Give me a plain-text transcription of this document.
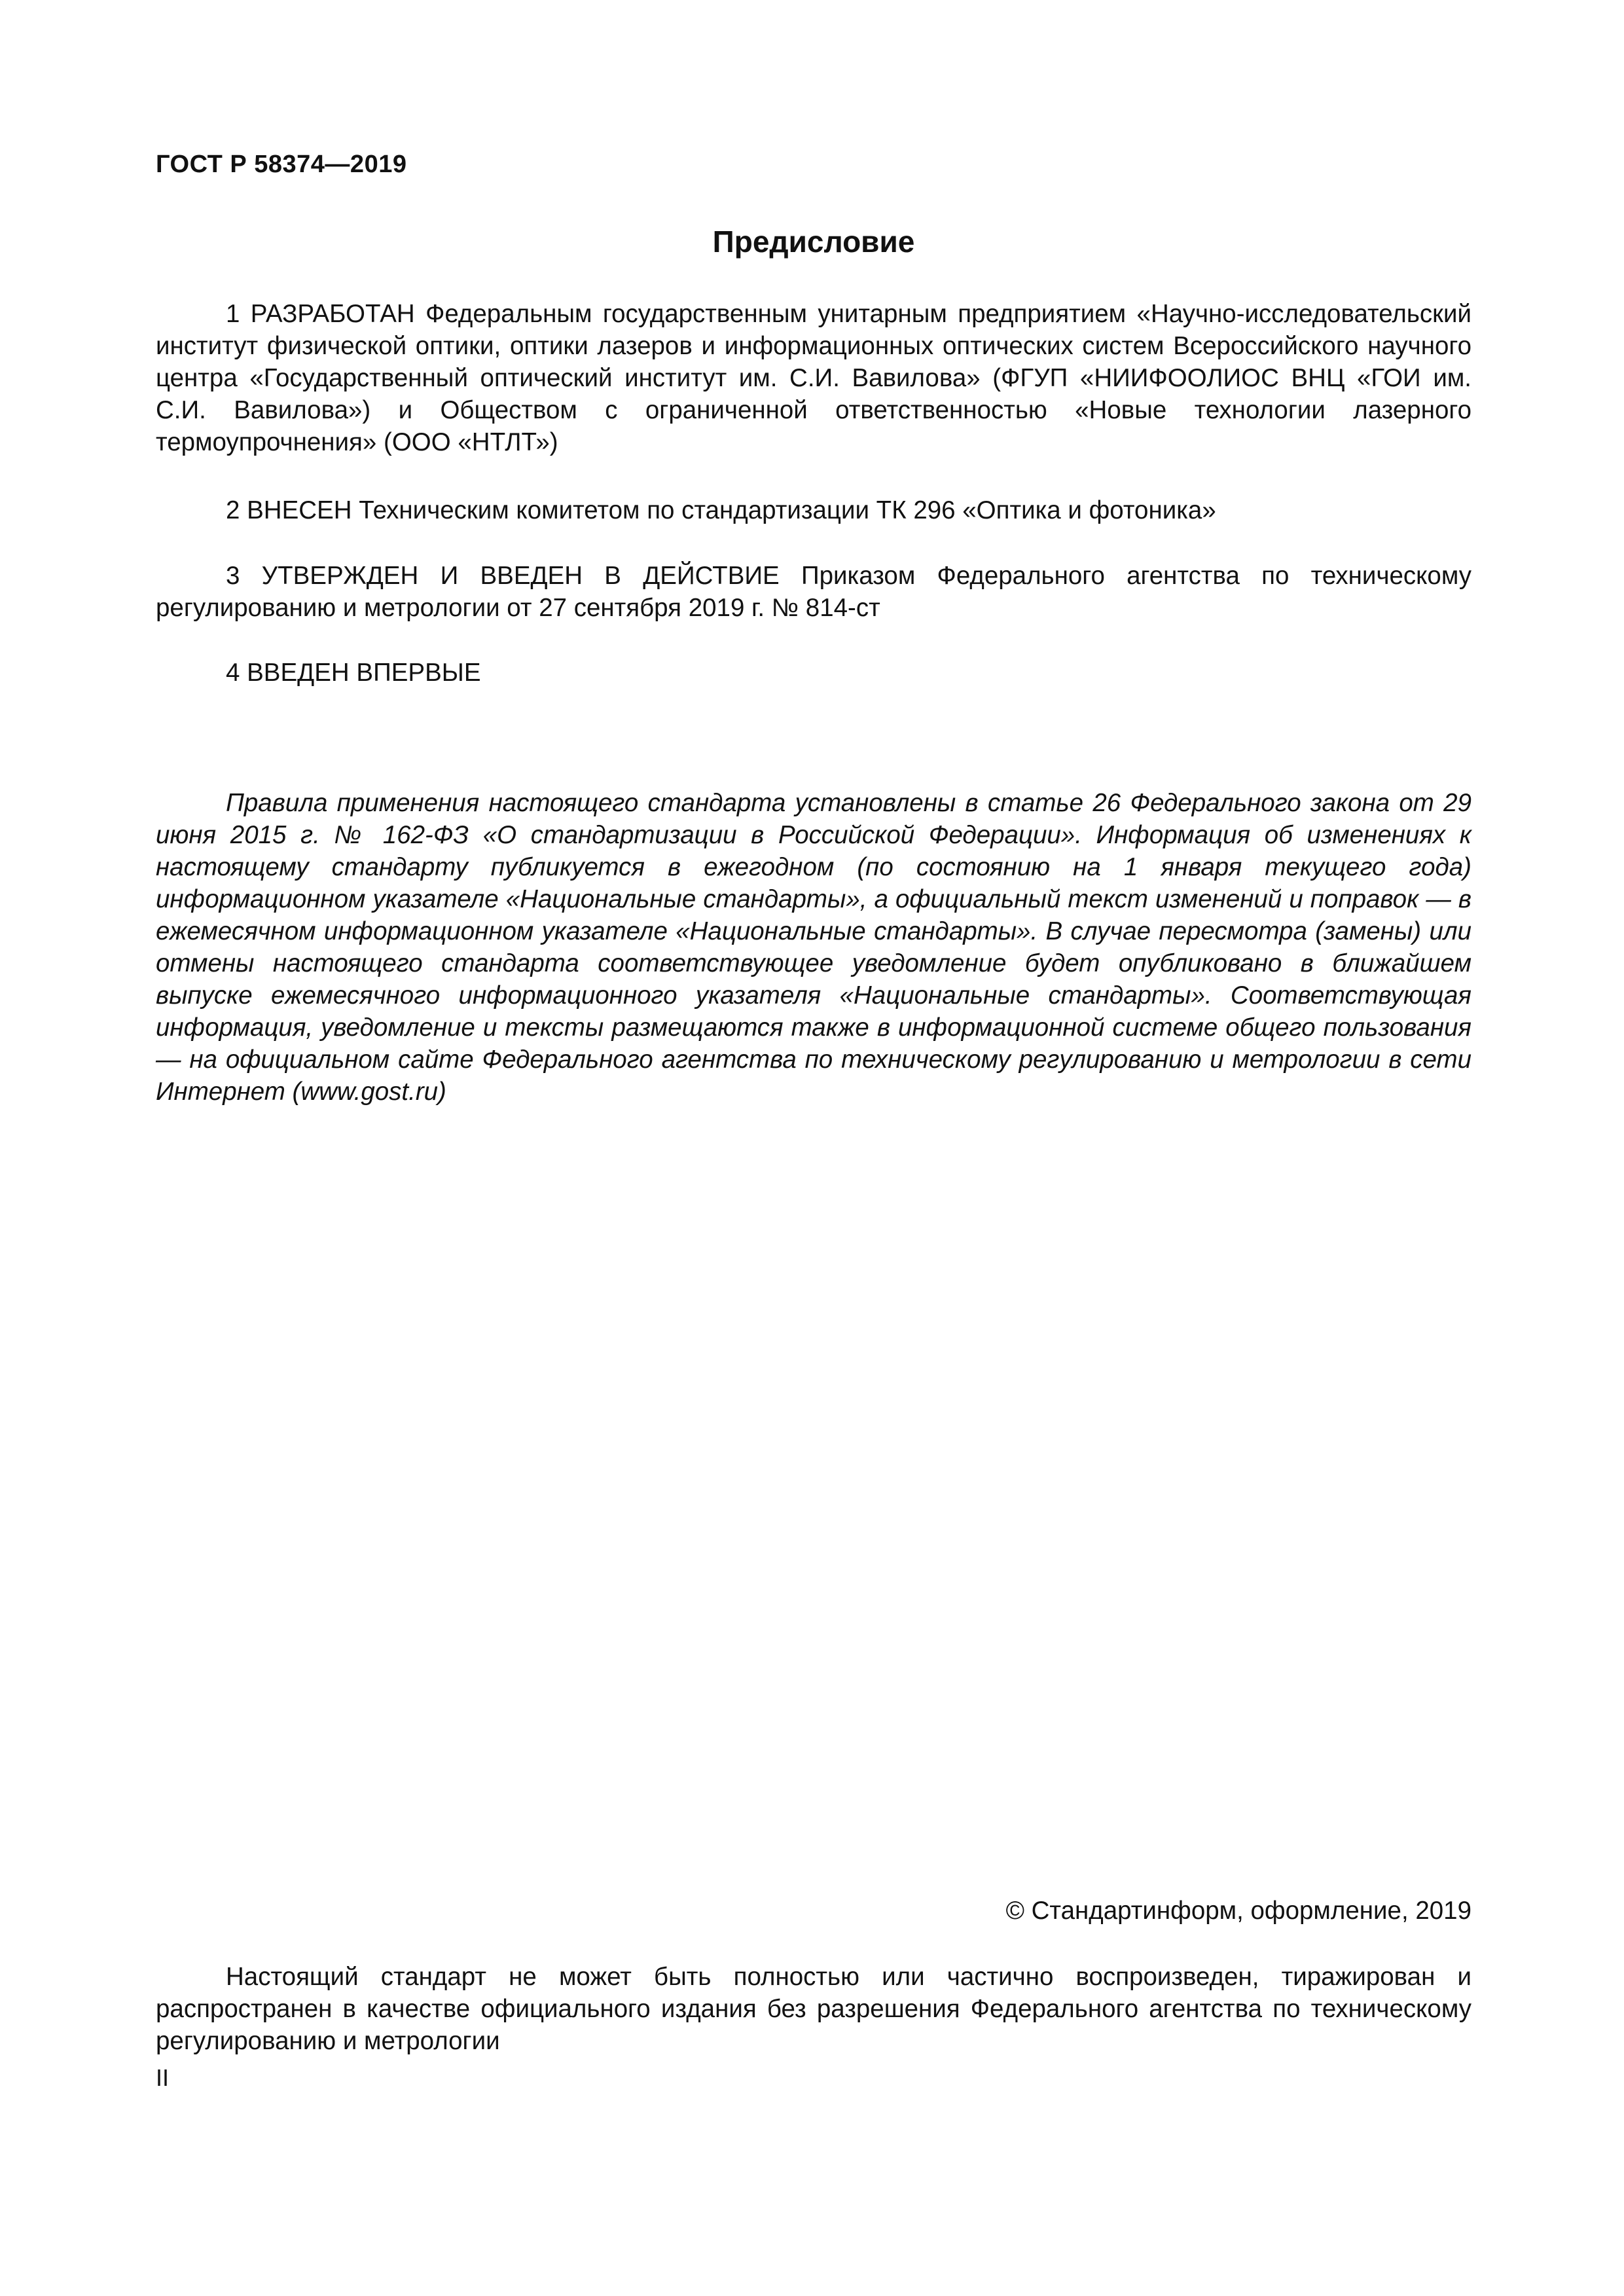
ГОСТ Р 58374—2019
Предисловие

1 РАЗРАБОТАН Федеральным государственным унитарным предприятием «Научно-исследовательский институт физической оптики, оптики лазеров и информационных оптических систем Всероссийского научного центра «Государственный оптический институт им. С.И. Вавилова» (ФГУП «НИИФООЛИОС ВНЦ «ГОИ им. С.И. Вавилова») и Обществом с ограниченной ответственностью «Новые технологии лазерного термоупрочнения» (ООО «НТЛТ»)

2 ВНЕСЕН Техническим комитетом по стандартизации ТК 296 «Оптика и фотоника»

3 УТВЕРЖДЕН И ВВЕДЕН В ДЕЙСТВИЕ Приказом Федерального агентства по техническому регулированию и метрологии от 27 сентября 2019 г. № 814-ст

4 ВВЕДЕН ВПЕРВЫЕ

Правила применения настоящего стандарта установлены в статье 26 Федерального закона от 29 июня 2015 г. № 162-ФЗ «О стандартизации в Российской Федерации». Информация об изменениях к настоящему стандарту публикуется в ежегодном (по состоянию на 1 января текущего года) информационном указателе «Национальные стандарты», а официальный текст изменений и поправок — в ежемесячном информационном указателе «Национальные стандарты». В случае пересмотра (замены) или отмены настоящего стандарта соответствующее уведомление будет опубликовано в ближайшем выпуске ежемесячного информационного указателя «Национальные стандарты». Соответствующая информация, уведомление и тексты размещаются также в информационной системе общего пользования — на официальном сайте Федерального агентства по техническому регулированию и метрологии в сети Интернет (www.gost.ru)

© Стандартинформ, оформление, 2019

Настоящий стандарт не может быть полностью или частично воспроизведен, тиражирован и распространен в качестве официального издания без разрешения Федерального агентства по техническому регулированию и метрологии

II
